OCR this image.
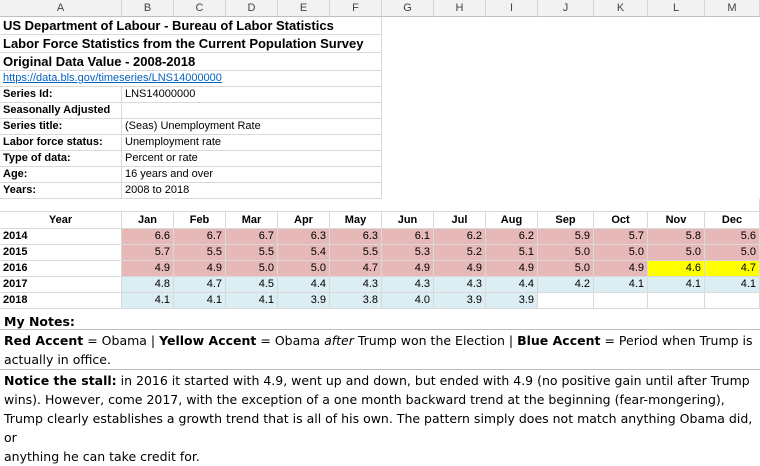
A	B	C	D	E	F	G	H	I	J	K	L	M
US Department of Labour - Bureau of Labor Statistics
Labor Force Statistics from the Current Population Survey
Original Data Value - 2008-2018
https://data.bls.gov/timeseries/LNS14000000
Series Id:	LNS14000000
Seasonally Adjusted
Series title:	(Seas) Unemployment Rate
Labor force status:	Unemployment rate
Type of data:	Percent or rate
Age:	16 years and over
Years:	2008 to 2018
Year	Jan	Feb	Mar	Apr	May	Jun	Jul	Aug	Sep	Oct	Nov	Dec
2014	6.6	6.7	6.7	6.3	6.3	6.1	6.2	6.2	5.9	5.7	5.8	5.6
2015	5.7	5.5	5.5	5.4	5.5	5.3	5.2	5.1	5.0	5.0	5.0	5.0
2016	4.9	4.9	5.0	5.0	4.7	4.9	4.9	4.9	5.0	4.9	4.6	4.7
2017	4.8	4.7	4.5	4.4	4.3	4.3	4.3	4.4	4.2	4.1	4.1	4.1
2018	4.1	4.1	4.1	3.9	3.8	4.0	3.9	3.9
My Notes:
Red Accent = Obama | Yellow Accent = Obama after Trump won the Election | Blue Accent = Period when Trump is
actually in office.
Notice the stall: in 2016 it started with 4.9, went up and down, but ended with 4.9 (no positive gain until after Trump
wins). However, come 2017, with the exception of a one month backward trend at the beginning (fear-mongering),
Trump clearly establishes a growth trend that is all of his own. The pattern simply does not match anything Obama did, or
anything he can take credit for.
